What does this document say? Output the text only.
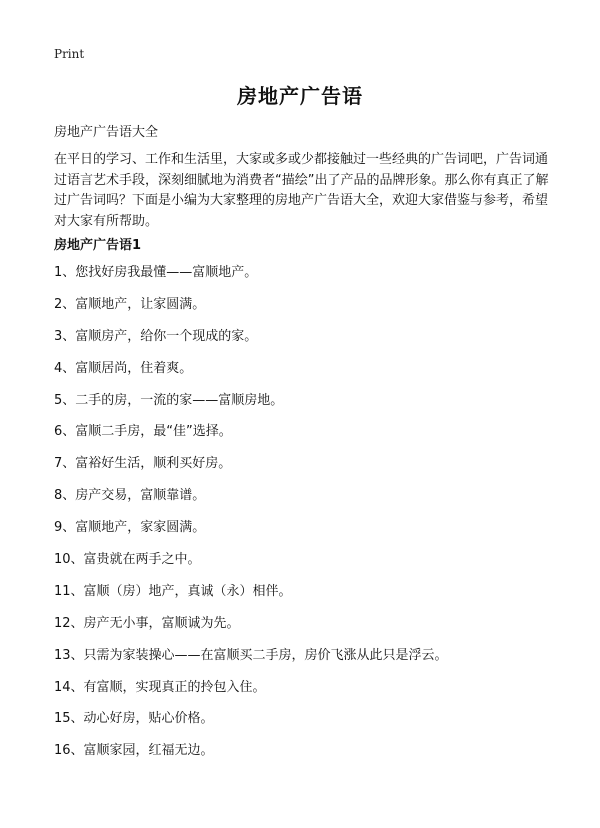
Print
房地产广告语
房地产广告语大全
在平日的学习、工作和生活里，大家或多或少都接触过一些经典的广告词吧，广告词通过语言艺术手段，深刻细腻地为消费者“描绘”出了产品的品牌形象。那么你有真正了解过广告词吗？下面是小编为大家整理的房地产广告语大全，欢迎大家借鉴与参考，希望对大家有所帮助。
房地产广告语1
1、您找好房我最懂——富顺地产。
2、富顺地产，让家圆满。
3、富顺房产，给你一个现成的家。
4、富顺居尚，住着爽。
5、二手的房，一流的家——富顺房地。
6、富顺二手房，最“佳”选择。
7、富裕好生活，顺利买好房。
8、房产交易，富顺靠谱。
9、富顺地产，家家圆满。
10、富贵就在两手之中。
11、富顺（房）地产，真诚（永）相伴。
12、房产无小事，富顺诚为先。
13、只需为家装操心——在富顺买二手房，房价飞涨从此只是浮云。
14、有富顺，实现真正的拎包入住。
15、动心好房，贴心价格。
16、富顺家园，红福无边。
